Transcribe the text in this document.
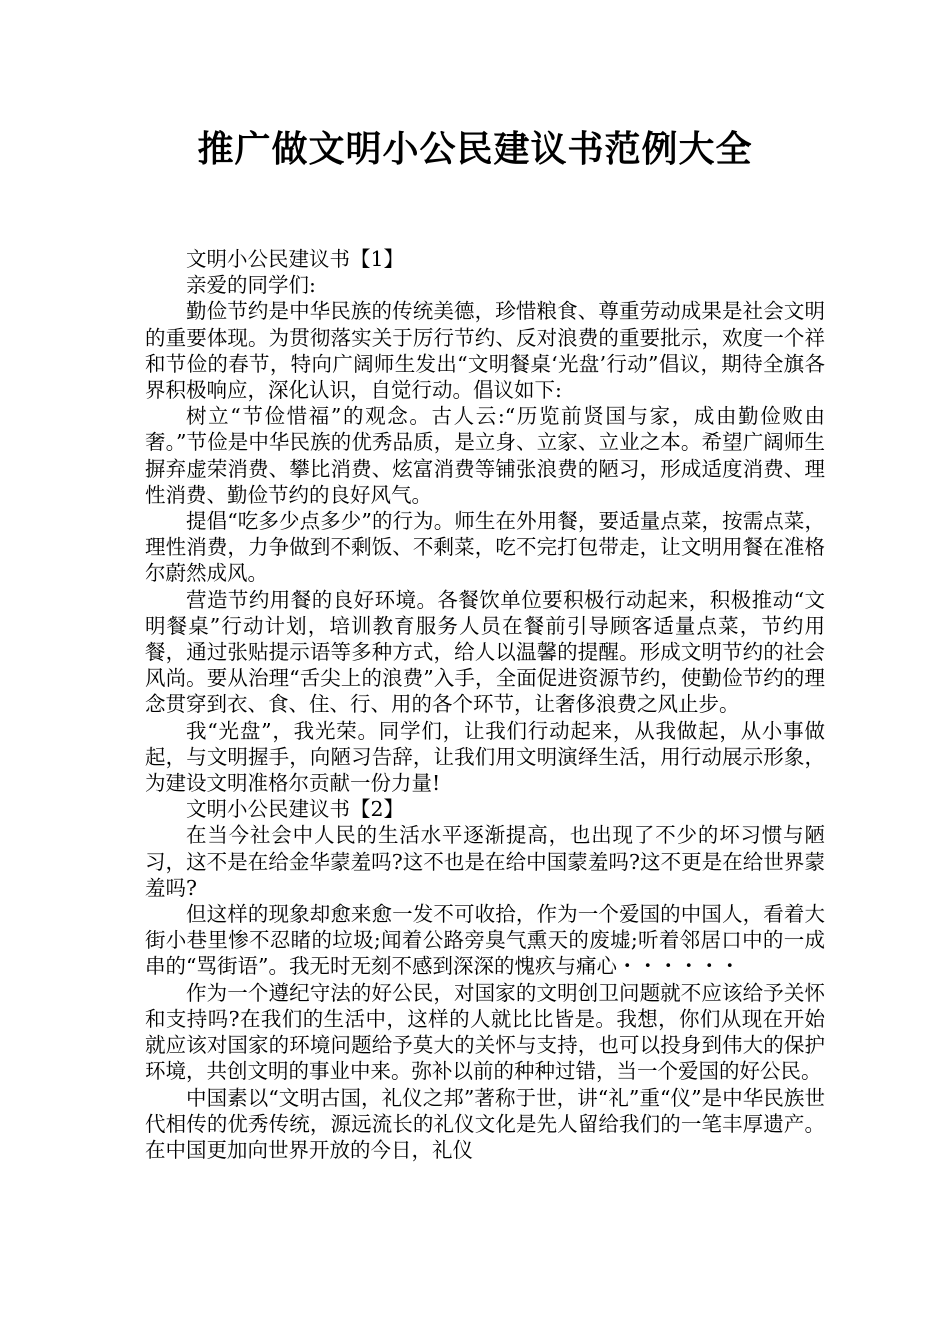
推广做文明小公民建议书范例大全

文明小公民建议书【1】

亲爱的同学们:

勤俭节约是中华民族的传统美德，珍惜粮食、尊重劳动成果是社会文明的重要体现。为贯彻落实关于厉行节约、反对浪费的重要批示，欢度一个祥和节俭的春节，特向广阔师生发出“文明餐桌‘光盘’行动”倡议，期待全旗各界积极响应，深化认识，自觉行动。倡议如下:

树立“节俭惜福”的观念。古人云:“历览前贤国与家，成由勤俭败由奢。”节俭是中华民族的优秀品质，是立身、立家、立业之本。希望广阔师生摒弃虚荣消费、攀比消费、炫富消费等铺张浪费的陋习，形成适度消费、理性消费、勤俭节约的良好风气。

提倡“吃多少点多少”的行为。师生在外用餐，要适量点菜，按需点菜，理性消费，力争做到不剩饭、不剩菜，吃不完打包带走，让文明用餐在准格尔蔚然成风。

营造节约用餐的良好环境。各餐饮单位要积极行动起来，积极推动“文明餐桌”行动计划，培训教育服务人员在餐前引导顾客适量点菜，节约用餐，通过张贴提示语等多种方式，给人以温馨的提醒。形成文明节约的社会风尚。要从治理“舌尖上的浪费”入手，全面促进资源节约，使勤俭节约的理念贯穿到衣、食、住、行、用的各个环节，让奢侈浪费之风止步。

我“光盘”，我光荣。同学们，让我们行动起来，从我做起，从小事做起，与文明握手，向陋习告辞，让我们用文明演绎生活，用行动展示形象，为建设文明准格尔贡献一份力量!

文明小公民建议书【2】

在当今社会中人民的生活水平逐渐提高，也出现了不少的坏习惯与陋习，这不是在给金华蒙羞吗?这不也是在给中国蒙羞吗?这不更是在给世界蒙羞吗?

但这样的现象却愈来愈一发不可收拾，作为一个爱国的中国人，看着大街小巷里惨不忍睹的垃圾;闻着公路旁臭气熏天的废墟;听着邻居口中的一成串的“骂街语”。我无时无刻不感到深深的愧疚与痛心・・・・・・

作为一个遵纪守法的好公民，对国家的文明创卫问题就不应该给予关怀和支持吗?在我们的生活中，这样的人就比比皆是。我想，你们从现在开始就应该对国家的环境问题给予莫大的关怀与支持，也可以投身到伟大的保护环境，共创文明的事业中来。弥补以前的种种过错，当一个爱国的好公民。

中国素以“文明古国，礼仪之邦”著称于世，讲“礼”重“仪”是中华民族世代相传的优秀传统，源远流长的礼仪文化是先人留给我们的一笔丰厚遗产。在中国更加向世界开放的今日，礼仪
